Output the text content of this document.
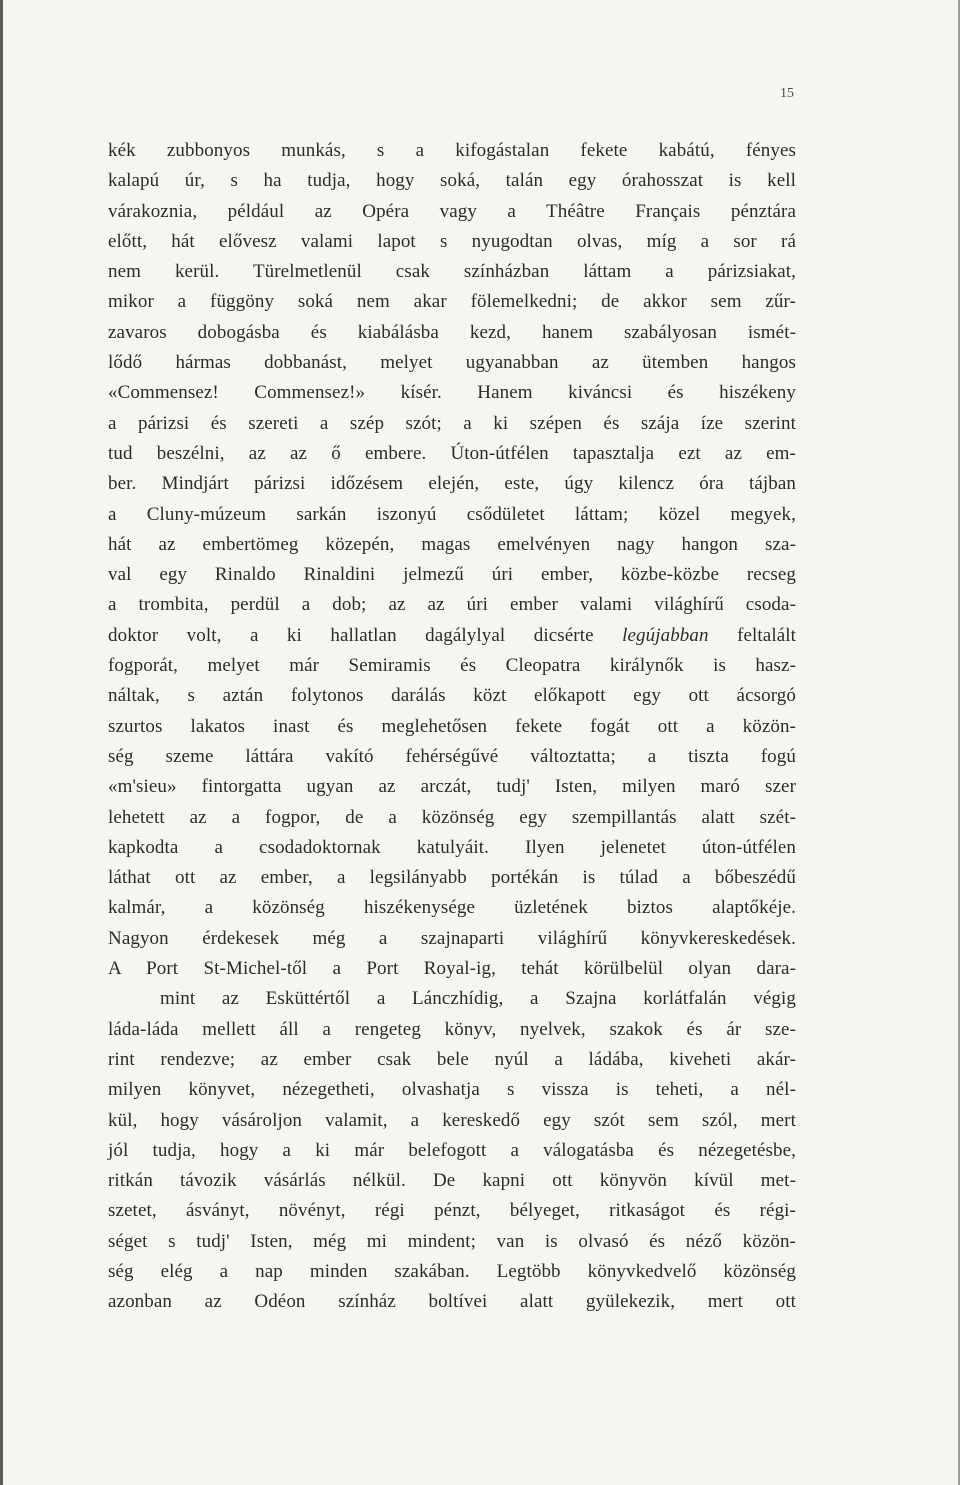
15
kék zubbonyos munkás, s a kifogástalan fekete kabátú, fényes
kalapú úr, s ha tudja, hogy soká, talán egy órahosszat is kell
várakoznia, például az Opéra vagy a Théâtre Français pénztára
előtt, hát elővesz valami lapot s nyugodtan olvas, míg a sor rá
nem kerül. Türelmetlenül csak színházban láttam a párizsiakat,
mikor a függöny soká nem akar fölemelkedni; de akkor sem zűr-
zavaros dobogásba és kiabálásba kezd, hanem szabályosan ismét-
lődő hármas dobbanást, melyet ugyanabban az ütemben hangos
«Commensez! Commensez!» kísér. Hanem kiváncsi és hiszékeny
a párizsi és szereti a szép szót; a ki szépen és szája íze szerint
tud beszélni, az az ő embere. Úton-útfélen tapasztalja ezt az em-
ber. Mindjárt párizsi időzésem elején, este, úgy kilencz óra tájban
a Cluny-múzeum sarkán iszonyú csődületet láttam; közel megyek,
hát az embertömeg közepén, magas emelvényen nagy hangon sza-
val egy Rinaldo Rinaldini jelmezű úri ember, közbe-közbe recseg
a trombita, perdül a dob; az az úri ember valami világhírű csoda-
doktor volt, a ki hallatlan dagálylyal dicsérte legújabban feltalált
fogporát, melyet már Semiramis és Cleopatra királynők is hasz-
náltak, s aztán folytonos darálás közt előkapott egy ott ácsorgó
szurtos lakatos inast és meglehetősen fekete fogát ott a közön-
ség szeme láttára vakító fehérségűvé változtatta; a tiszta fogú
«m'sieu» fintorgatta ugyan az arczát, tudj' Isten, milyen maró szer
lehetett az a fogpor, de a közönség egy szempillantás alatt szét-
kapkodta a csodadoktornak katulyáit. Ilyen jelenetet úton-útfélen
láthat ott az ember, a legsilányabb portékán is túlad a bőbeszédű
kalmár, a közönség hiszékenysége üzletének biztos alaptőkéje.
Nagyon érdekesek még a szajnaparti világhírű könyvkereskedések.
A Port St-Michel-től a Port Royal-ig, tehát körülbelül olyan dara-
mint az Esküttértől a Lánczhídig, a Szajna korlátfalán végig
láda-láda mellett áll a rengeteg könyv, nyelvek, szakok és ár sze-
rint rendezve; az ember csak bele nyúl a ládába, kiveheti akár-
milyen könyvet, nézegetheti, olvashatja s vissza is teheti, a nél-
kül, hogy vásároljon valamit, a kereskedő egy szót sem szól, mert
jól tudja, hogy a ki már belefogott a válogatásba és nézegetésbe,
ritkán távozik vásárlás nélkül. De kapni ott könyvön kívül met-
szetet, ásványt, növényt, régi pénzt, bélyeget, ritkaságot és régi-
séget s tudj' Isten, még mi mindent; van is olvasó és néző közön-
ség elég a nap minden szakában. Legtöbb könyvkedvelő közönség
azonban az Odéon színház boltívei alatt gyülekezik, mert ott
